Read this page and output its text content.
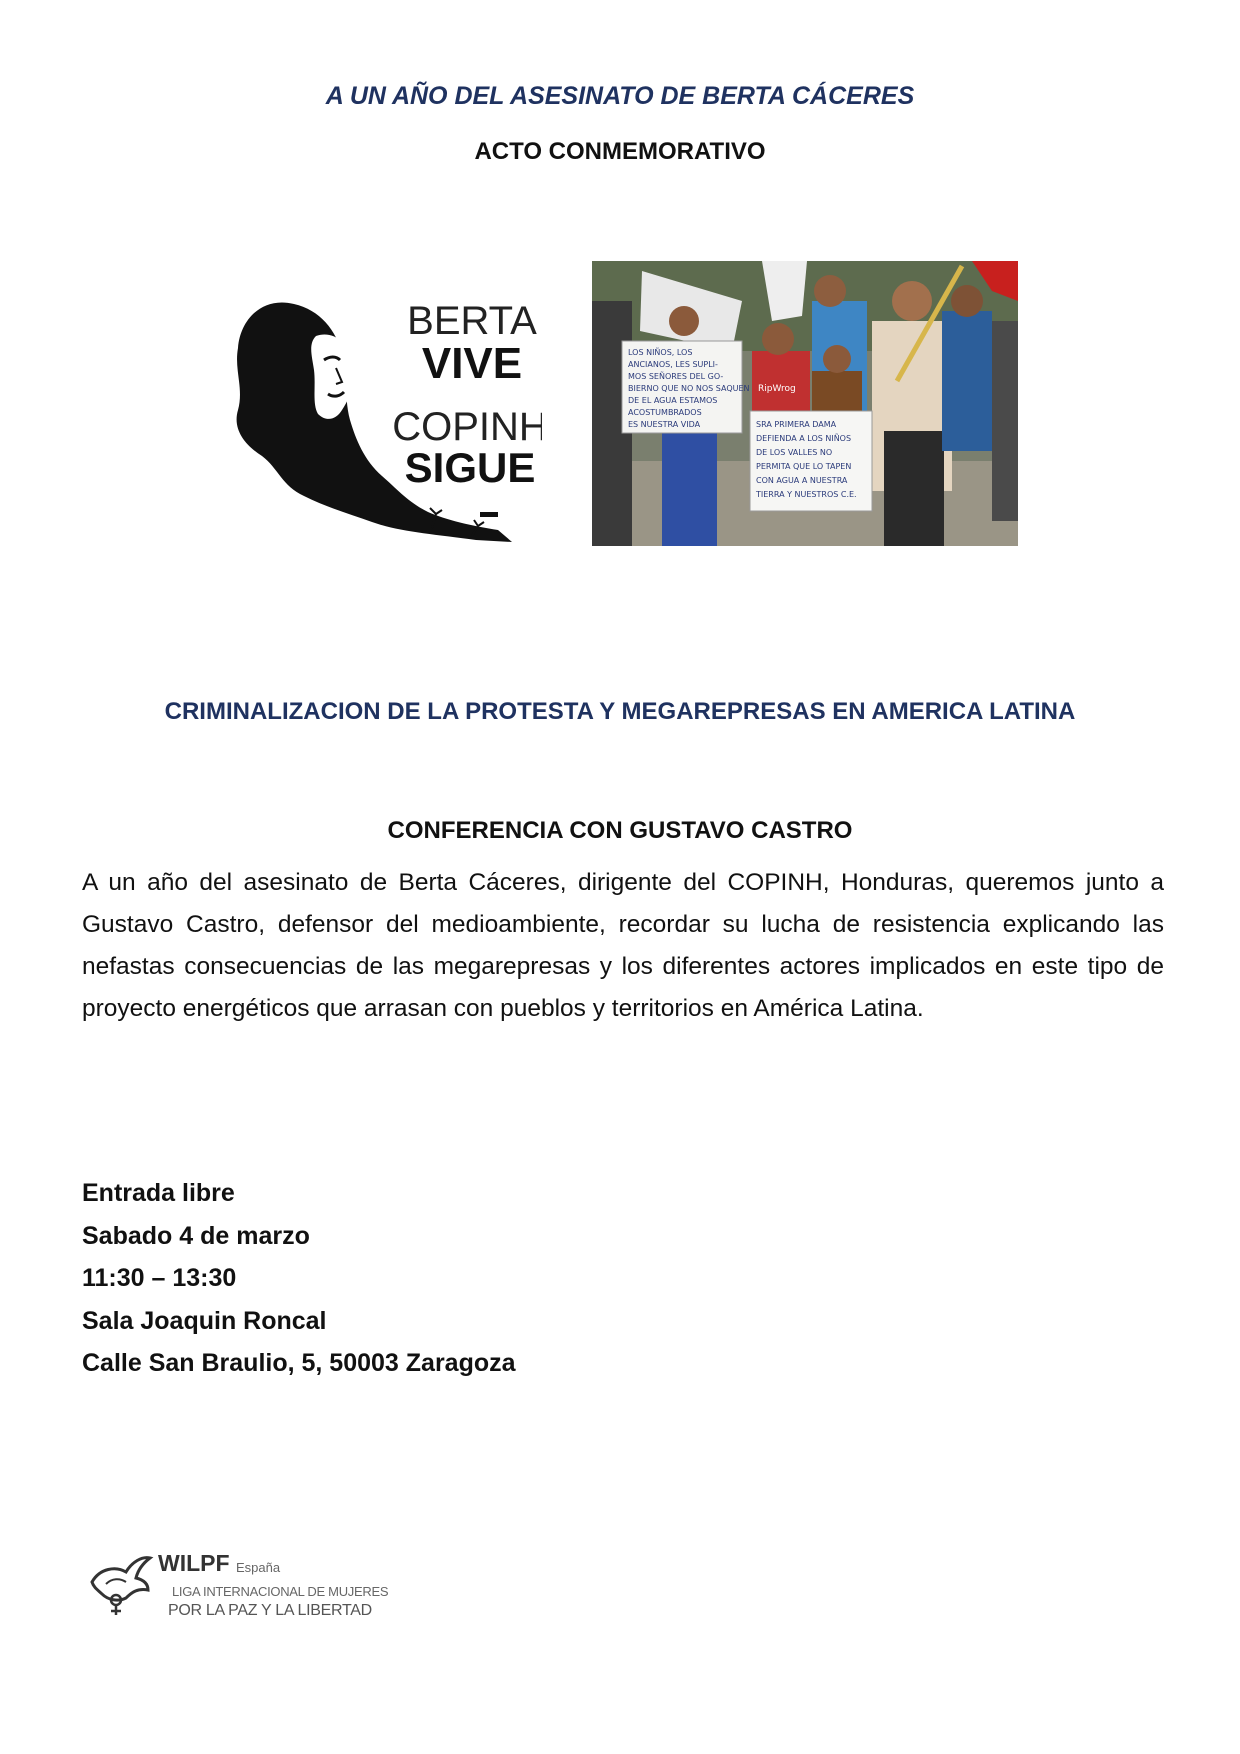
A UN AÑO DEL ASESINATO DE BERTA CÁCERES
ACTO CONMEMORATIVO
BERTA
VIVE
COPINH
SIGUE
LOS NIÑOS, LOS ANCIANOS, LES SUPLI- MOS SEÑORES DEL GO- BIERNO QUE NO NOS SAQUEN DE EL AGUA ESTAMOS ACOSTUMBRADOS ES NUESTRA VIDA	SRA PRIMERA DAMA DEFIENDA A LOS NIÑOS DE LOS VALLES NO PERMITA QUE LO TAPEN CON AGUA A NUESTRA TIERRA Y NUESTROS C.E.
RipWrog
CRIMINALIZACION DE LA PROTESTA Y MEGAREPRESAS EN AMERICA LATINA
CONFERENCIA CON GUSTAVO CASTRO
A un año del asesinato de Berta Cáceres, dirigente del COPINH, Honduras, queremos junto a Gustavo Castro, defensor del medioambiente, recordar su lucha de resistencia explicando las nefastas consecuencias de las megarepresas y los diferentes actores implicados en este tipo de proyecto energéticos que arrasan con pueblos y territorios en América Latina.
Entrada libre
Sabado 4 de marzo
11:30 – 13:30
Sala Joaquin Roncal
Calle San Braulio, 5, 50003 Zaragoza
WILPF España
LIGA INTERNACIONAL DE MUJERES
POR LA PAZ Y LA LIBERTAD
